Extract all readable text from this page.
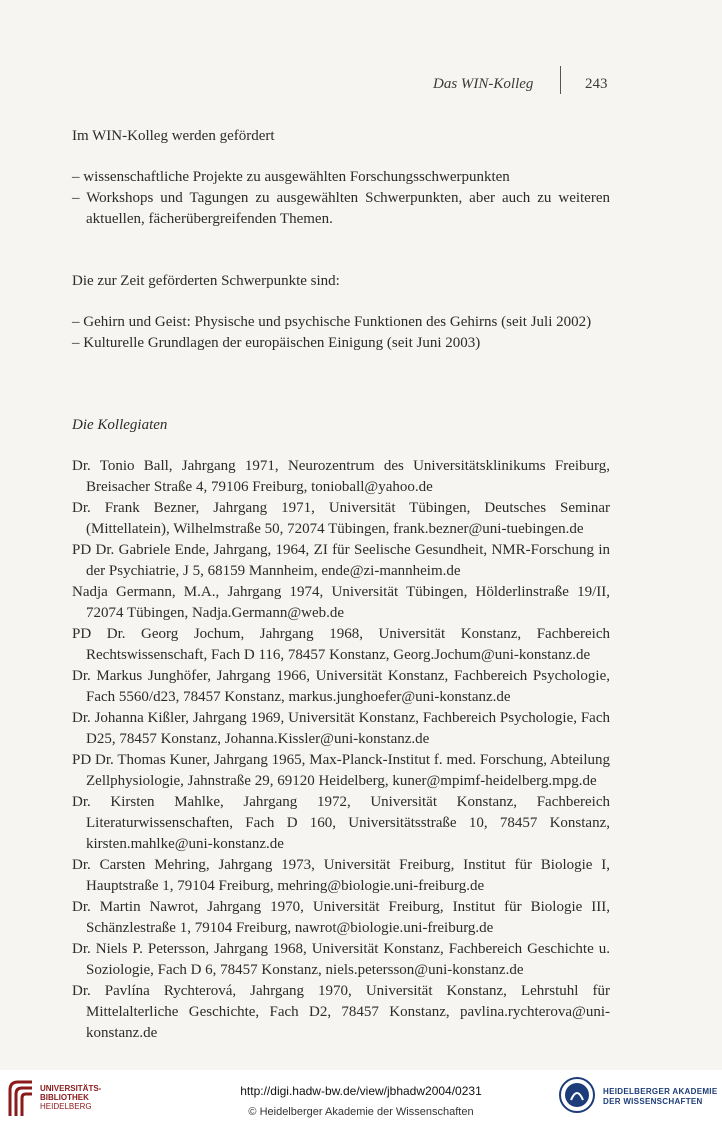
Das WIN-Kolleg	243

Im WIN-Kolleg werden gefördert

– wissenschaftliche Projekte zu ausgewählten Forschungsschwerpunkten

– Workshops und Tagungen zu ausgewählten Schwerpunkten, aber auch zu weiteren aktuellen, fächerübergreifenden Themen.

Die zur Zeit geförderten Schwerpunkte sind:

– Gehirn und Geist: Physische und psychische Funktionen des Gehirns (seit Juli 2002)

– Kulturelle Grundlagen der europäischen Einigung (seit Juni 2003)

Die Kollegiaten

Dr. Tonio Ball, Jahrgang 1971, Neurozentrum des Universitätsklinikums Freiburg, Breisacher Straße 4, 79106 Freiburg, tonioball@yahoo.de

Dr. Frank Bezner, Jahrgang 1971, Universität Tübingen, Deutsches Seminar (Mittellatein), Wilhelmstraße 50, 72074 Tübingen, frank.bezner@uni-tuebingen.de

PD Dr. Gabriele Ende, Jahrgang, 1964, ZI für Seelische Gesundheit, NMR-Forschung in der Psychiatrie, J 5, 68159 Mannheim, ende@zi-mannheim.de

Nadja Germann, M.A., Jahrgang 1974, Universität Tübingen, Hölderlinstraße 19/II, 72074 Tübingen, Nadja.Germann@web.de

PD Dr. Georg Jochum, Jahrgang 1968, Universität Konstanz, Fachbereich Rechtswissenschaft, Fach D 116, 78457 Konstanz, Georg.Jochum@uni-konstanz.de

Dr. Markus Junghöfer, Jahrgang 1966, Universität Konstanz, Fachbereich Psychologie, Fach 5560/d23, 78457 Konstanz, markus.junghoefer@uni-konstanz.de

Dr. Johanna Kißler, Jahrgang 1969, Universität Konstanz, Fachbereich Psychologie, Fach D25, 78457 Konstanz, Johanna.Kissler@uni-konstanz.de

PD Dr. Thomas Kuner, Jahrgang 1965, Max-Planck-Institut f. med. Forschung, Abteilung Zellphysiologie, Jahnstraße 29, 69120 Heidelberg, kuner@mpimf-heidelberg.mpg.de

Dr. Kirsten Mahlke, Jahrgang 1972, Universität Konstanz, Fachbereich Literaturwissenschaften, Fach D 160, Universitätsstraße 10, 78457 Konstanz, kirsten.mahlke@uni-konstanz.de

Dr. Carsten Mehring, Jahrgang 1973, Universität Freiburg, Institut für Biologie I, Hauptstraße 1, 79104 Freiburg, mehring@biologie.uni-freiburg.de

Dr. Martin Nawrot, Jahrgang 1970, Universität Freiburg, Institut für Biologie III, Schänzlestraße 1, 79104 Freiburg, nawrot@biologie.uni-freiburg.de

Dr. Niels P. Petersson, Jahrgang 1968, Universität Konstanz, Fachbereich Geschichte u. Soziologie, Fach D 6, 78457 Konstanz, niels.petersson@uni-konstanz.de

Dr. Pavlína Rychterová, Jahrgang 1970, Universität Konstanz, Lehrstuhl für Mittelalterliche Geschichte, Fach D2, 78457 Konstanz, pavlina.rychterova@uni-konstanz.de

UNIVERSITÄTS-
BIBLIOTHEK
HEIDELBERG
http://digi.hadw-bw.de/view/jbhadw2004/0231
© Heidelberger Akademie der Wissenschaften
HEIDELBERGER AKADEMIE
DER WISSENSCHAFTEN
